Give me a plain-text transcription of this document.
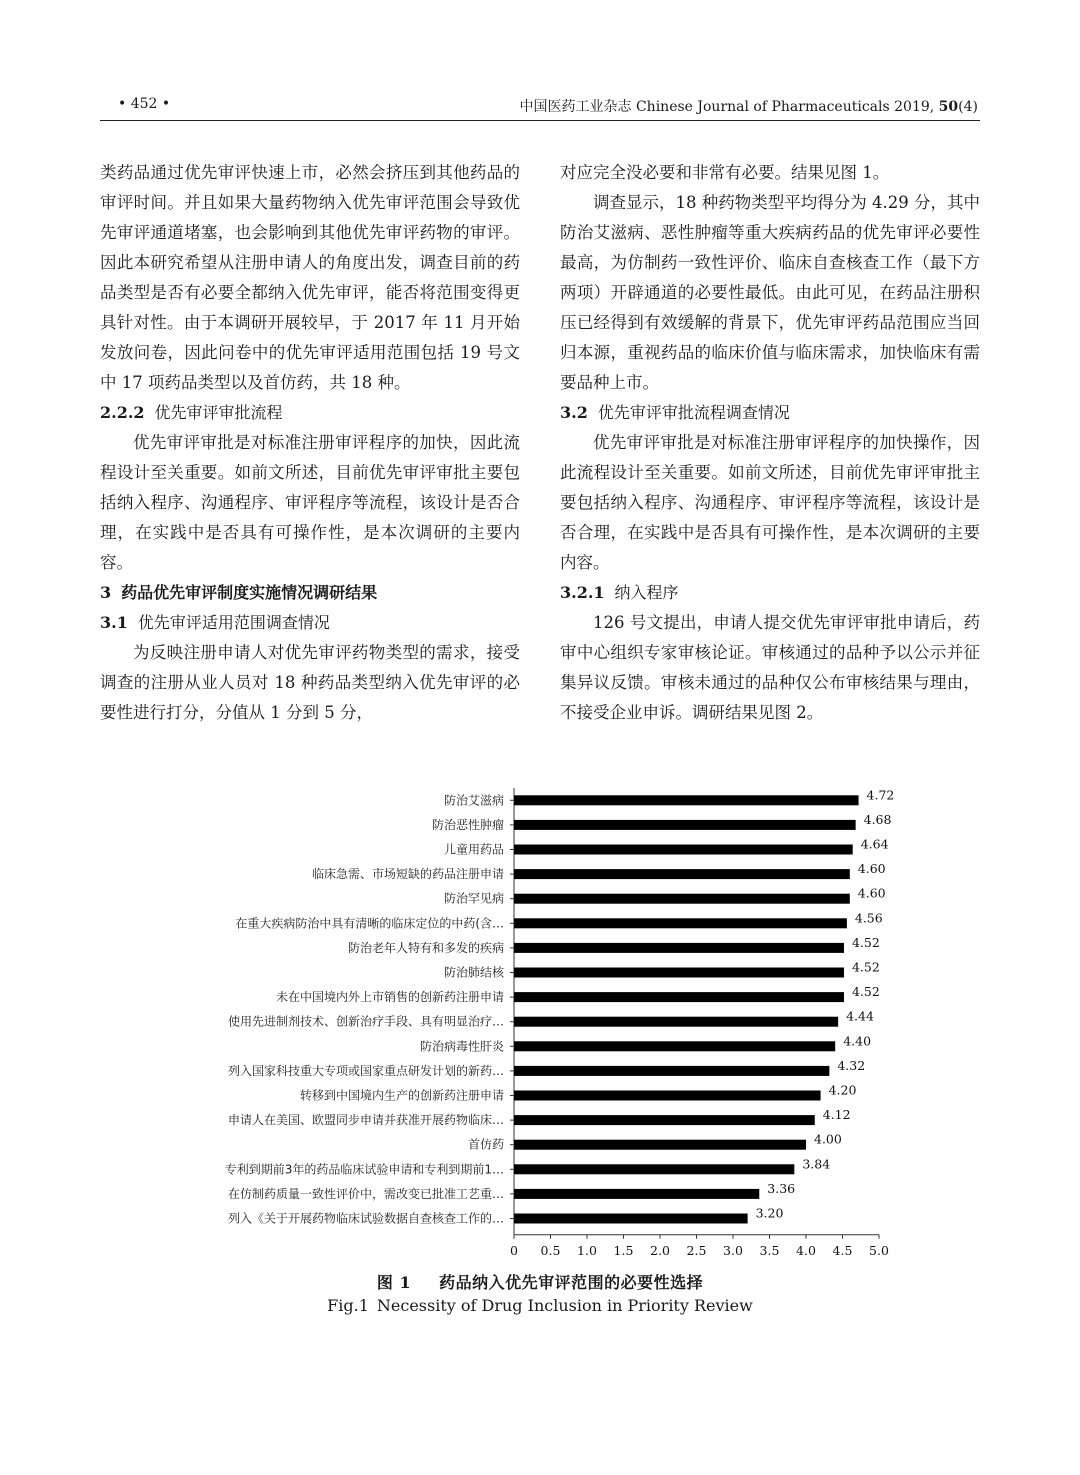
• 452 •	中国医药工业杂志 Chinese Journal of Pharmaceuticals 2019, 50(4)

类药品通过优先审评快速上市，必然会挤压到其他药品的审评时间。并且如果大量药物纳入优先审评范围会导致优先审评通道堵塞，也会影响到其他优先审评药物的审评。因此本研究希望从注册申请人的角度出发，调查目前的药品类型是否有必要全都纳入优先审评，能否将范围变得更具针对性。由于本调研开展较早，于 2017 年 11 月开始发放问卷，因此问卷中的优先审评适用范围包括 19 号文中 17 项药品类型以及首仿药，共 18 种。

2.2.2 优先审评审批流程

优先审评审批是对标准注册审评程序的加快，因此流程设计至关重要。如前文所述，目前优先审评审批主要包括纳入程序、沟通程序、审评程序等流程，该设计是否合理，在实践中是否具有可操作性，是本次调研的主要内容。

3 药品优先审评制度实施情况调研结果
3.1 优先审评适用范围调查情况

为反映注册申请人对优先审评药物类型的需求，接受调查的注册从业人员对 18 种药品类型纳入优先审评的必要性进行打分，分值从 1 分到 5 分，

对应完全没必要和非常有必要。结果见图 1。

调查显示，18 种药物类型平均得分为 4.29 分，其中防治艾滋病、恶性肿瘤等重大疾病药品的优先审评必要性最高，为仿制药一致性评价、临床自查核查工作（最下方两项）开辟通道的必要性最低。由此可见，在药品注册积压已经得到有效缓解的背景下，优先审评药品范围应当回归本源，重视药品的临床价值与临床需求，加快临床有需要品种上市。

3.2 优先审评审批流程调查情况

优先审评审批是对标准注册审评程序的加快操作，因此流程设计至关重要。如前文所述，目前优先审评审批主要包括纳入程序、沟通程序、审评程序等流程，该设计是否合理，在实践中是否具有可操作性，是本次调研的主要内容。

3.2.1 纳入程序

126 号文提出，申请人提交优先审评审批申请后，药审中心组织专家审核论证。审核通过的品种予以公示并征集异议反馈。审核未通过的品种仅公布审核结果与理由，不接受企业申诉。调研结果见图 2。

防治艾滋病	4.72
防治恶性肿瘤	4.68
儿童用药品	4.64
临床急需、市场短缺的药品注册申请	4.60
防治罕见病	4.60
在重大疾病防治中具有清晰的临床定位的中药(含…	4.56
防治老年人特有和多发的疾病	4.52
防治肺结核	4.52
未在中国境内外上市销售的创新药注册申请	4.52
使用先进制剂技术、创新治疗手段、具有明显治疗…	4.44
防治病毒性肝炎	4.40
列入国家科技重大专项或国家重点研发计划的新药…	4.32
转移到中国境内生产的创新药注册申请	4.20
申请人在美国、欧盟同步申请并获准开展药物临床…	4.12
首仿药	4.00
专利到期前3年的药品临床试验申请和专利到期前1…	3.84
在仿制药质量一致性评价中，需改变已批准工艺重…	3.36
列入《关于开展药物临床试验数据自查核查工作的…	3.20
0 0.5 1.0 1.5 2.0 2.5 3.0 3.5 4.0 4.5 5.0
图 1 药品纳入优先审评范围的必要性选择
Fig.1 Necessity of Drug Inclusion in Priority Review
